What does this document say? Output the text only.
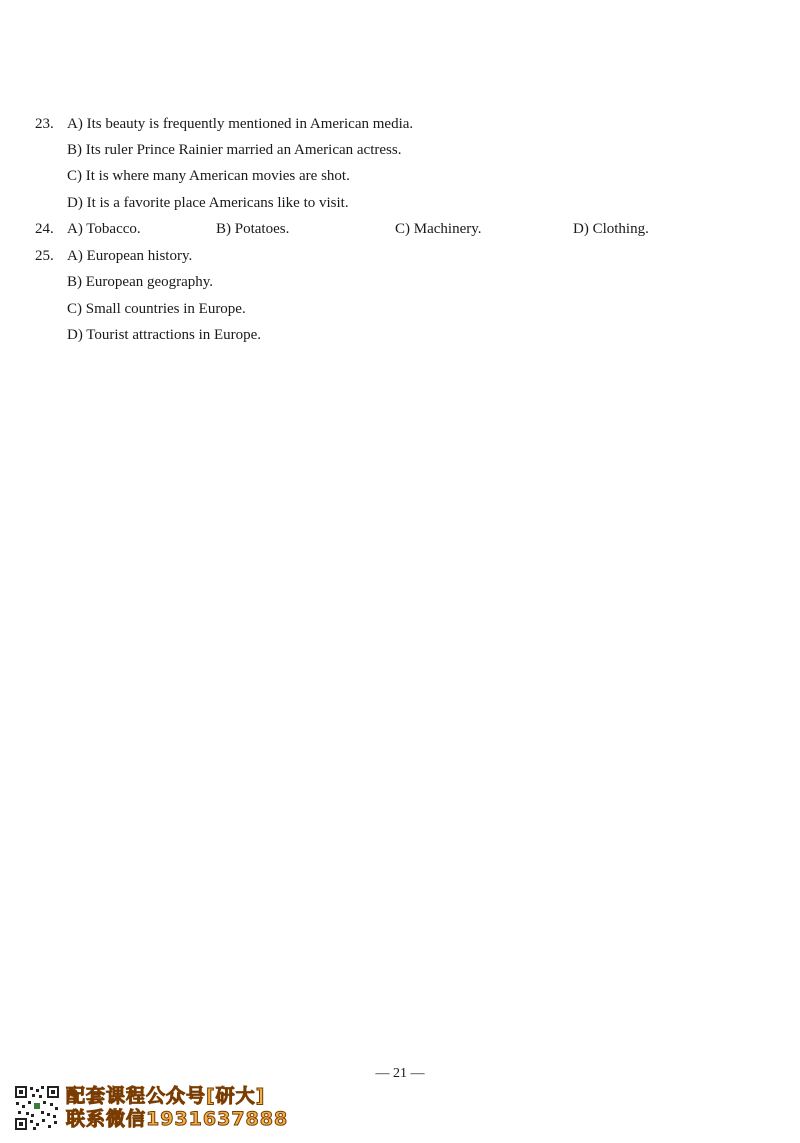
23. A) Its beauty is frequently mentioned in American media.
B) Its ruler Prince Rainier married an American actress.
C) It is where many American movies are shot.
D) It is a favorite place Americans like to visit.
24. A) Tobacco.	B) Potatoes.	C) Machinery.	D) Clothing.
25. A) European history.
B) European geography.
C) Small countries in Europe.
D) Tourist attractions in Europe.
— 21 —
配套课程公众号[研大]
联系微信1931637888
